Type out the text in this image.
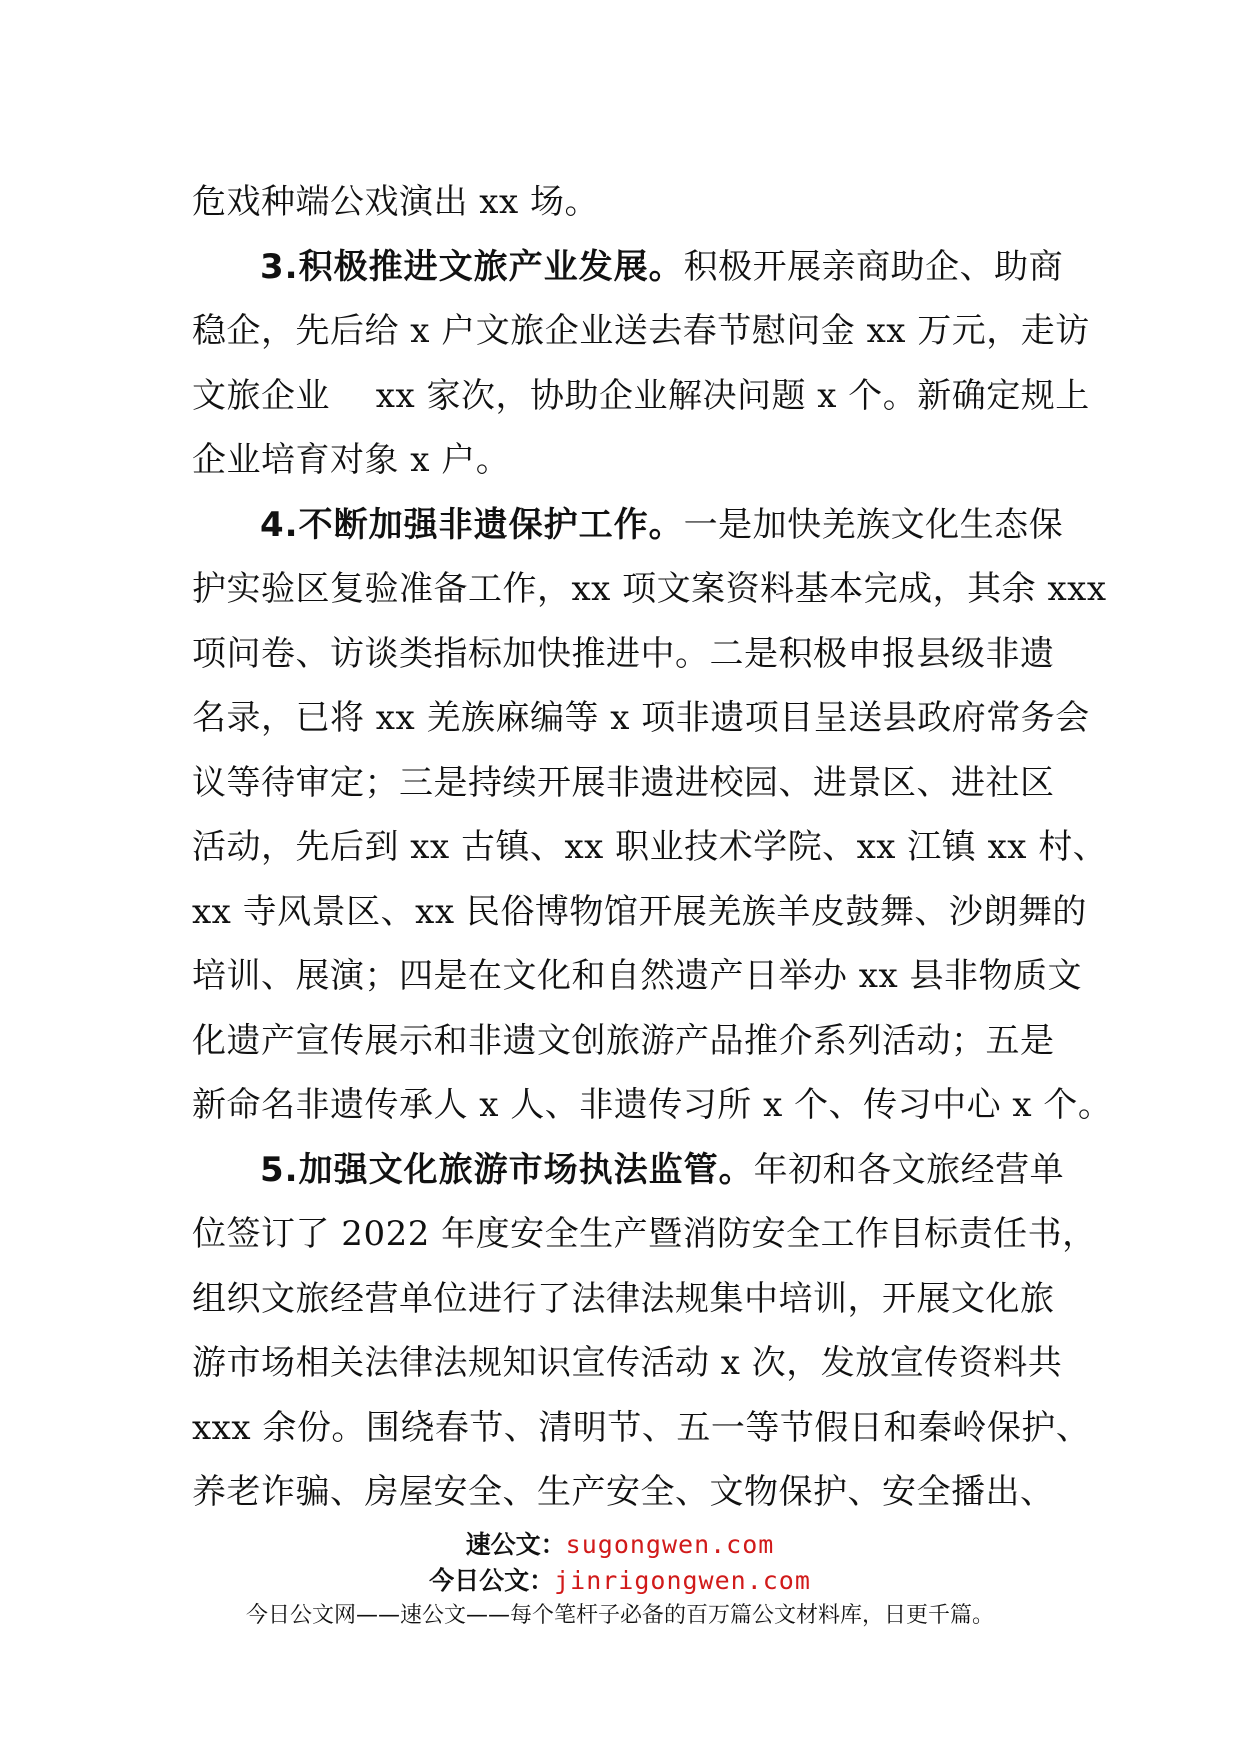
危戏种端公戏演出 xx 场。
3.积极推进文旅产业发展。积极开展亲商助企、助商
稳企，先后给 x 户文旅企业送去春节慰问金 xx 万元，走访
文旅企业　 xx 家次，协助企业解决问题 x 个。新确定规上
企业培育对象 x 户。
4.不断加强非遗保护工作。一是加快羌族文化生态保
护实验区复验准备工作，xx 项文案资料基本完成，其余 xxx
项问卷、访谈类指标加快推进中。二是积极申报县级非遗
名录，已将 xx 羌族麻编等 x 项非遗项目呈送县政府常务会
议等待审定；三是持续开展非遗进校园、进景区、进社区
活动，先后到 xx 古镇、xx 职业技术学院、xx 江镇 xx 村、
xx 寺风景区、xx 民俗博物馆开展羌族羊皮鼓舞、沙朗舞的
培训、展演；四是在文化和自然遗产日举办 xx 县非物质文
化遗产宣传展示和非遗文创旅游产品推介系列活动；五是
新命名非遗传承人 x 人、非遗传习所 x 个、传习中心 x 个。
5.加强文化旅游市场执法监管。年初和各文旅经营单
位签订了 2022 年度安全生产暨消防安全工作目标责任书，
组织文旅经营单位进行了法律法规集中培训，开展文化旅
游市场相关法律法规知识宣传活动 x 次，发放宣传资料共
xxx 余份。围绕春节、清明节、五一等节假日和秦岭保护、
养老诈骗、房屋安全、生产安全、文物保护、安全播出、
速公文：sugongwen.com
今日公文：jinrigongwen.com
今日公文网——速公文——每个笔杆子必备的百万篇公文材料库，日更千篇。
